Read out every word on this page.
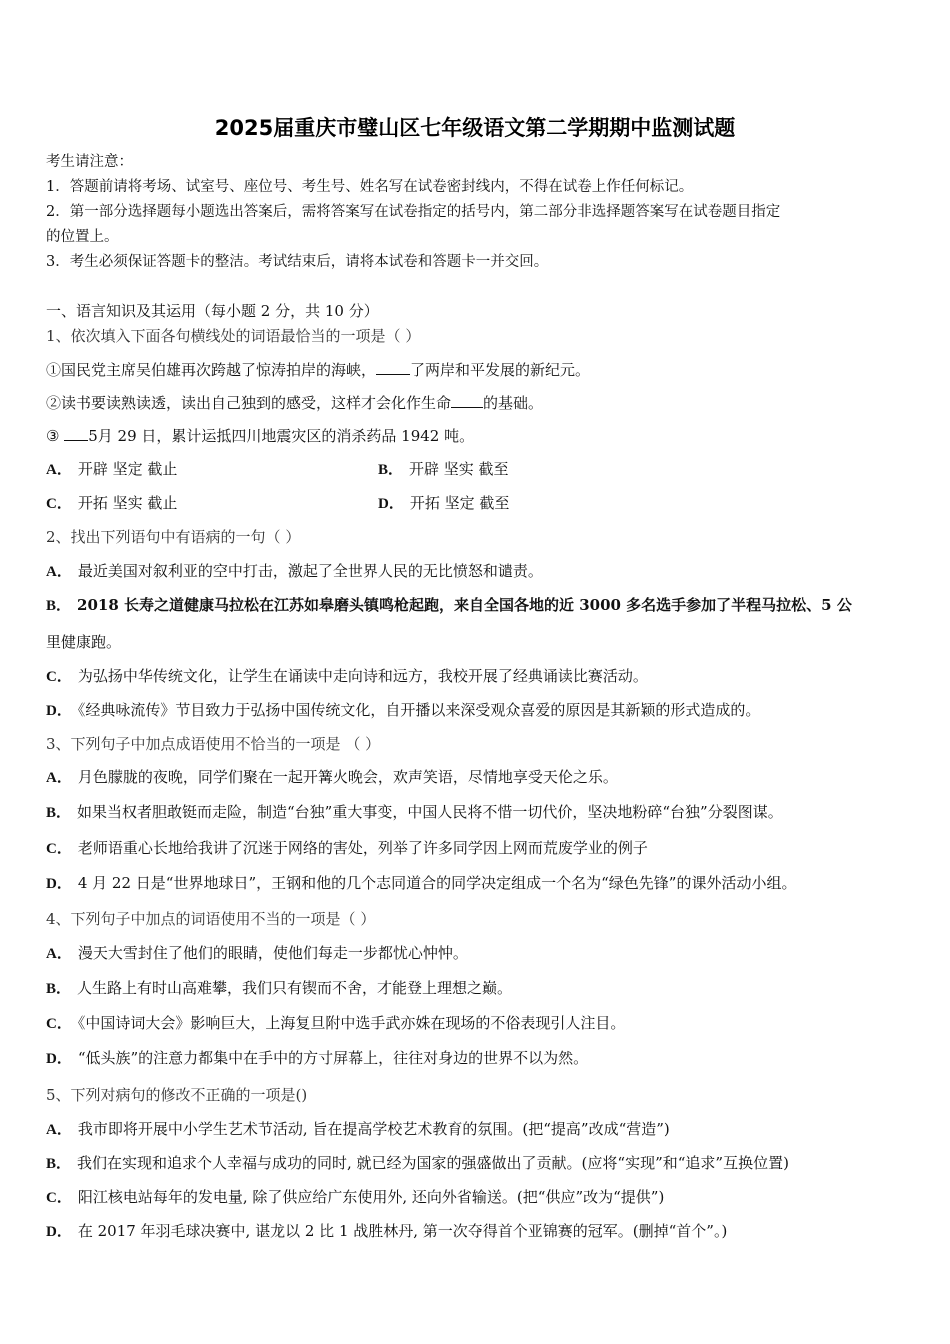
2025届重庆市璧山区七年级语文第二学期期中监测试题
考生请注意：
1．答题前请将考场、试室号、座位号、考生号、姓名写在试卷密封线内，不得在试卷上作任何标记。
2．第一部分选择题每小题选出答案后，需将答案写在试卷指定的括号内，第二部分非选择题答案写在试卷题目指定
的位置上。
3．考生必须保证答题卡的整洁。考试结束后，请将本试卷和答题卡一并交回。
一、语言知识及其运用（每小题 2 分，共 10 分）
1、依次填入下面各句横线处的词语最恰当的一项是（ ）
①国民党主席吴伯雄再次跨越了惊涛拍岸的海峡， 了两岸和平发展的新纪元。
②读书要读熟读透，读出自己独到的感受，这样才会化作生命 的基础。
③ 5月 29 日，累计运抵四川地震灾区的消杀药品 1942 吨。
A． 开辟 坚定 截止	B． 开辟 坚实 截至
C． 开拓 坚实 截止	D． 开拓 坚定 截至
2、找出下列语句中有语病的一句（ ）
A． 最近美国对叙利亚的空中打击，激起了全世界人民的无比愤怒和谴责。
B． 2018 长寿之道健康马拉松在江苏如皋磨头镇鸣枪起跑，来自全国各地的近 3000 多名选手参加了半程马拉松、5 公
里健康跑。
C． 为弘扬中华传统文化，让学生在诵读中走向诗和远方，我校开展了经典诵读比赛活动。
D． 《经典咏流传》节目致力于弘扬中国传统文化，自开播以来深受观众喜爱的原因是其新颖的形式造成的。
3、下列句子中加点成语使用不恰当的一项是 （ ）
A． 月色朦胧的夜晚，同学们聚在一起开篝火晚会，欢声笑语，尽情地享受天伦之乐。
B． 如果当权者胆敢铤而走险，制造“台独”重大事变，中国人民将不惜一切代价，坚决地粉碎“台独”分裂图谋。
C． 老师语重心长地给我讲了沉迷于网络的害处，列举了许多同学因上网而荒废学业的例子
D． 4 月 22 日是“世界地球日”，王钢和他的几个志同道合的同学决定组成一个名为“绿色先锋”的课外活动小组。
4、下列句子中加点的词语使用不当的一项是（ ）
A． 漫天大雪封住了他们的眼睛，使他们每走一步都忧心忡忡。
B． 人生路上有时山高难攀，我们只有锲而不舍，才能登上理想之巅。
C． 《中国诗词大会》影响巨大，上海复旦附中选手武亦姝在现场的不俗表现引人注目。
D． “低头族”的注意力都集中在手中的方寸屏幕上，往往对身边的世界不以为然。
5、下列对病句的修改不正确的一项是()
A． 我市即将开展中小学生艺术节活动, 旨在提高学校艺术教育的氛围。(把“提高”改成“营造”)
B． 我们在实现和追求个人幸福与成功的同时, 就已经为国家的强盛做出了贡献。(应将“实现”和“追求”互换位置)
C． 阳江核电站每年的发电量, 除了供应给广东使用外, 还向外省输送。(把“供应”改为“提供”)
D． 在 2017 年羽毛球决赛中, 谌龙以 2 比 1 战胜林丹, 第一次夺得首个亚锦赛的冠军。(删掉“首个”。)
